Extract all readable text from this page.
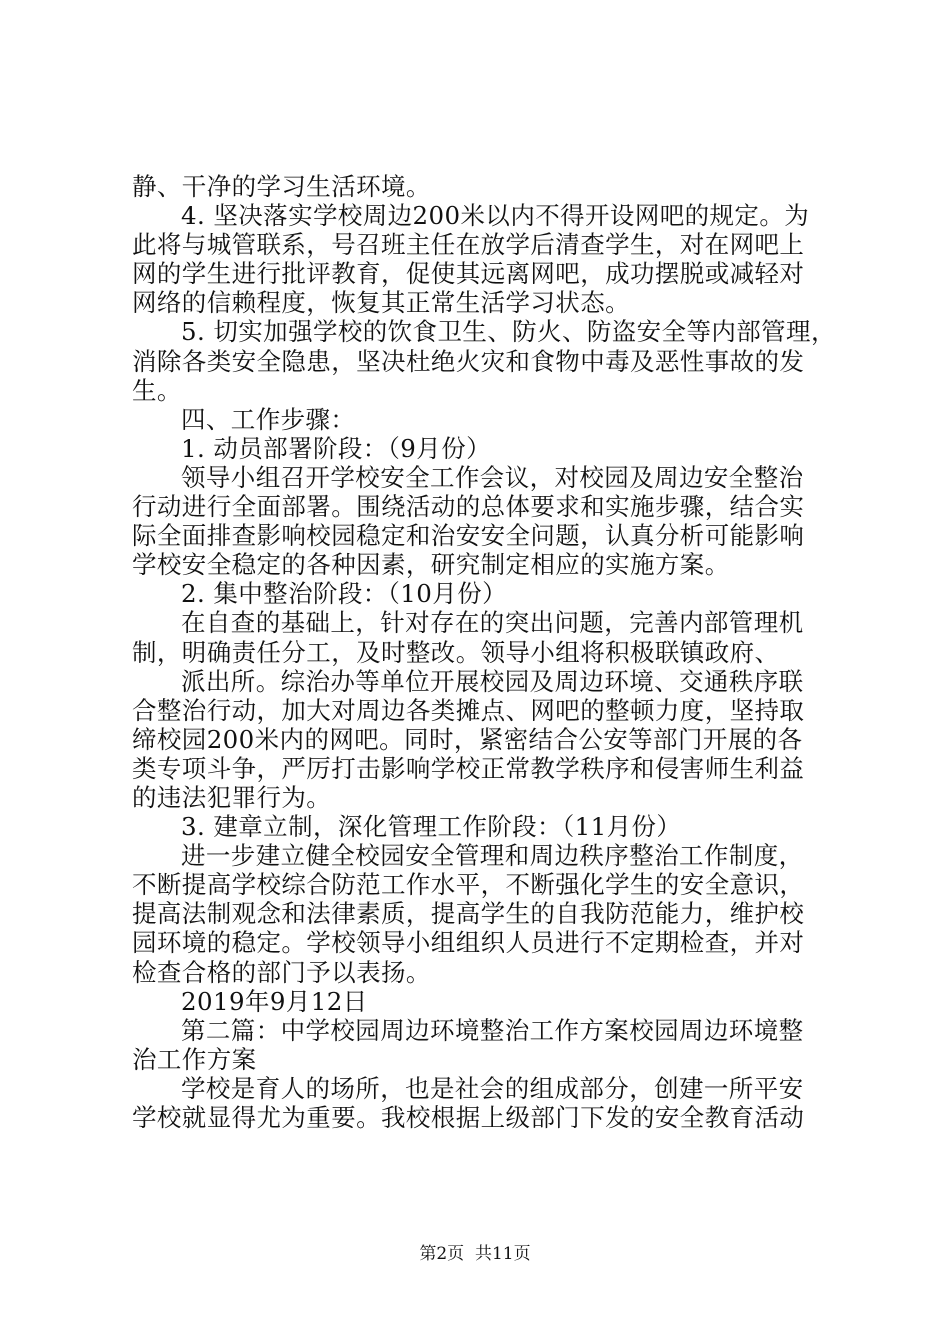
静、干净的学习生活环境。
4. 坚决落实学校周边200米以内不得开设网吧的规定。为
此将与城管联系，号召班主任在放学后清查学生，对在网吧上
网的学生进行批评教育，促使其远离网吧，成功摆脱或减轻对
网络的信赖程度，恢复其正常生活学习状态。
5. 切实加强学校的饮食卫生、防火、防盗安全等内部管理，
消除各类安全隐患，坚决杜绝火灾和食物中毒及恶性事故的发
生。
四、工作步骤：
1. 动员部署阶段：（9月份）
领导小组召开学校安全工作会议，对校园及周边安全整治
行动进行全面部署。围绕活动的总体要求和实施步骤，结合实
际全面排查影响校园稳定和治安安全问题，认真分析可能影响
学校安全稳定的各种因素，研究制定相应的实施方案。
2. 集中整治阶段：（10月份）
在自查的基础上，针对存在的突出问题，完善内部管理机
制，明确责任分工，及时整改。领导小组将积极联镇政府、
派出所。综治办等单位开展校园及周边环境、交通秩序联
合整治行动，加大对周边各类摊点、网吧的整顿力度，坚持取
缔校园200米内的网吧。同时，紧密结合公安等部门开展的各
类专项斗争，严厉打击影响学校正常教学秩序和侵害师生利益
的违法犯罪行为。
3. 建章立制，深化管理工作阶段：（11月份）
进一步建立健全校园安全管理和周边秩序整治工作制度，
不断提高学校综合防范工作水平，不断强化学生的安全意识，
提高法制观念和法律素质，提高学生的自我防范能力，维护校
园环境的稳定。学校领导小组组织人员进行不定期检查，并对
检查合格的部门予以表扬。
2019年9月12日
第二篇：中学校园周边环境整治工作方案校园周边环境整
治工作方案
学校是育人的场所，也是社会的组成部分，创建一所平安
学校就显得尤为重要。我校根据上级部门下发的安全教育活动
第2页  共11页
